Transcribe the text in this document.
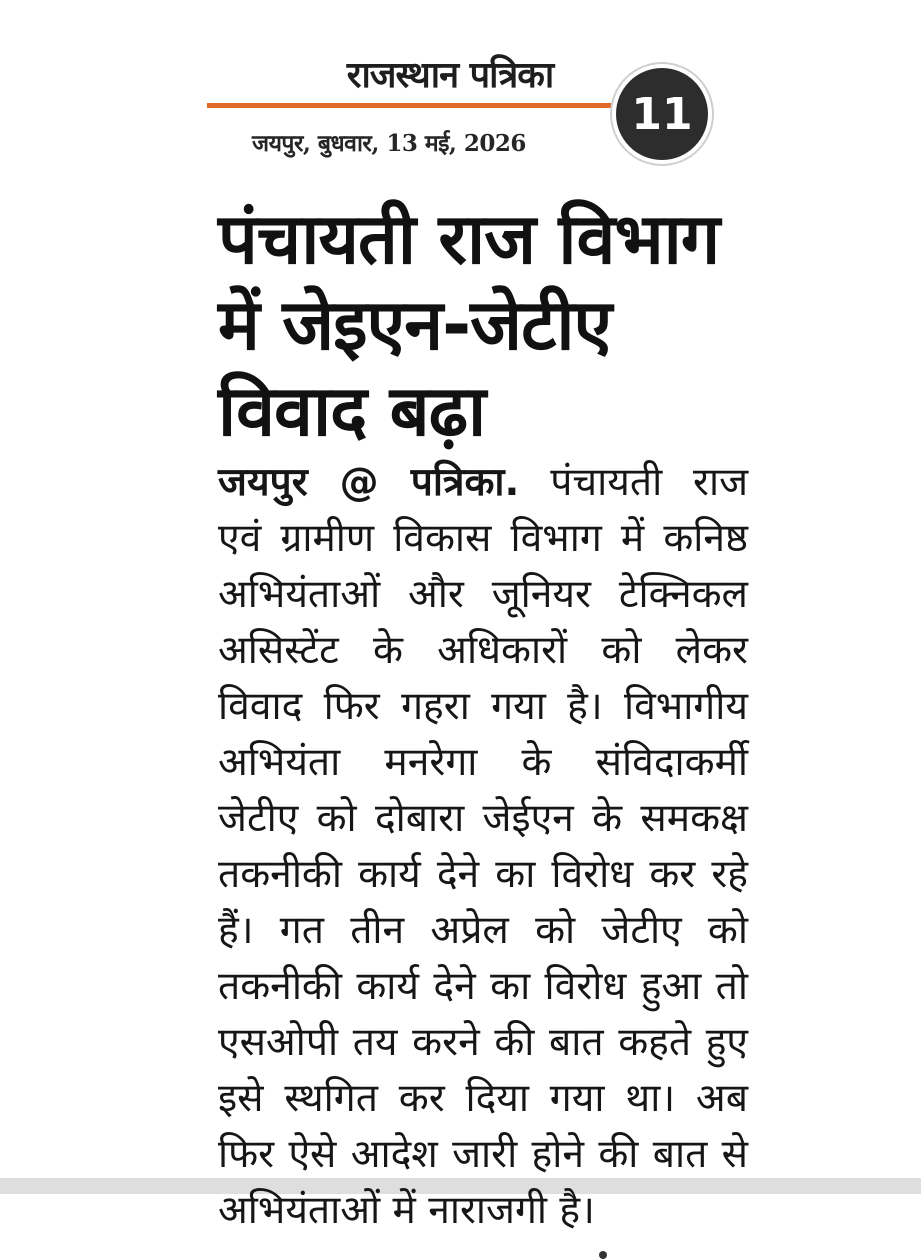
राजस्थान पत्रिका
11
जयपुर, बुधवार, 13 मई, 2026
पंचायती राज विभाग
में जेइएन-जेटीए
विवाद बढ़ा
जयपुर @ पत्रिका. पंचायती राज
एवं ग्रामीण विकास विभाग में कनिष्ठ
अभियंताओं और जूनियर टेक्निकल
असिस्टेंट के अधिकारों को लेकर
विवाद फिर गहरा गया है। विभागीय
अभियंता मनरेगा के संविदाकर्मी
जेटीए को दोबारा जेईएन के समकक्ष
तकनीकी कार्य देने का विरोध कर रहे
हैं। गत तीन अप्रेल को जेटीए को
तकनीकी कार्य देने का विरोध हुआ तो
एसओपी तय करने की बात कहते हुए
इसे स्थगित कर दिया गया था। अब
फिर ऐसे आदेश जारी होने की बात से
अभियंताओं में नाराजगी है।
